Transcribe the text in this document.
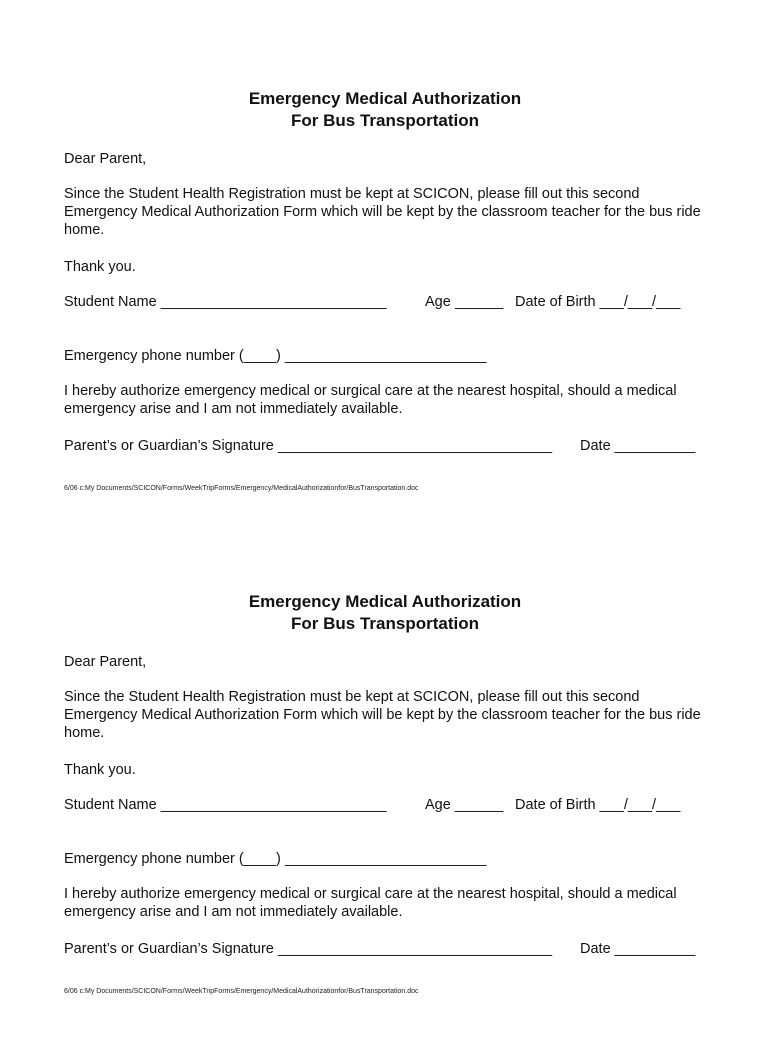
Emergency Medical Authorization
For Bus Transportation
Dear Parent,
Since the Student Health Registration must be kept at SCICON, please fill out this second Emergency Medical Authorization Form which will be kept by the classroom teacher for the bus ride home.
Thank you.
Student Name ____________________________	Age ______ Date of Birth ___/___/___
Emergency phone number (____) _________________________
I hereby authorize emergency medical or surgical care at the nearest hospital, should a medical emergency arise and I am not immediately available.
Parent’s or Guardian’s Signature __________________________________ Date __________
6/06 c:My Documents/SCICON/Forms/WeekTripForms/Emergency/MedicalAuthorizationfor/BusTransportation.doc
Emergency Medical Authorization
For Bus Transportation
Dear Parent,
Since the Student Health Registration must be kept at SCICON, please fill out this second Emergency Medical Authorization Form which will be kept by the classroom teacher for the bus ride home.
Thank you.
Student Name ____________________________	Age ______ Date of Birth ___/___/___
Emergency phone number (____) _________________________
I hereby authorize emergency medical or surgical care at the nearest hospital, should a medical emergency arise and I am not immediately available.
Parent’s or Guardian’s Signature __________________________________ Date __________
6/06 c:My Documents/SCICON/Forms/WeekTripForms/Emergency/MedicalAuthorizationfor/BusTransportation.doc
